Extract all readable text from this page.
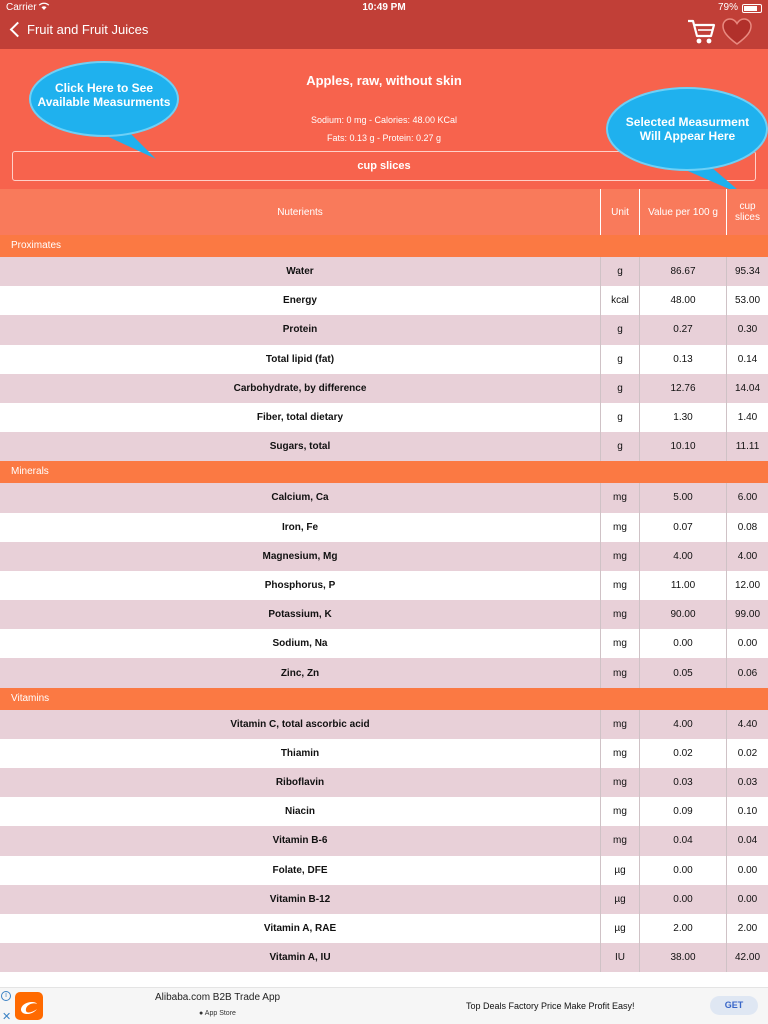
Carrier	10:49 PM	79%
Fruit and Fruit Juices
Apples, raw, without skin
Sodium: 0 mg - Calories: 48.00 KCal
Fats: 0.13 g - Protein: 0.27 g
cup slices
Click Here to See
Available Measurments
Selected Measurment
Will Appear Here
Nuterients	Unit	Value per 100 g	cup
slices
Proximates
Water	g	86.67	95.34
Energy	kcal	48.00	53.00
Protein	g	0.27	0.30
Total lipid (fat)	g	0.13	0.14
Carbohydrate, by difference	g	12.76	14.04
Fiber, total dietary	g	1.30	1.40
Sugars, total	g	10.10	11.11
Minerals
Calcium, Ca	mg	5.00	6.00
Iron, Fe	mg	0.07	0.08
Magnesium, Mg	mg	4.00	4.00
Phosphorus, P	mg	11.00	12.00
Potassium, K	mg	90.00	99.00
Sodium, Na	mg	0.00	0.00
Zinc, Zn	mg	0.05	0.06
Vitamins
Vitamin C, total ascorbic acid	mg	4.00	4.40
Thiamin	mg	0.02	0.02
Riboflavin	mg	0.03	0.03
Niacin	mg	0.09	0.10
Vitamin B-6	mg	0.04	0.04
Folate, DFE	µg	0.00	0.00
Vitamin B-12	µg	0.00	0.00
Vitamin A, RAE	µg	2.00	2.00
Vitamin A, IU	IU	38.00	42.00
i
✕
Alibaba.com B2B Trade App
● App Store
Top Deals Factory Price Make Profit Easy!	GET
